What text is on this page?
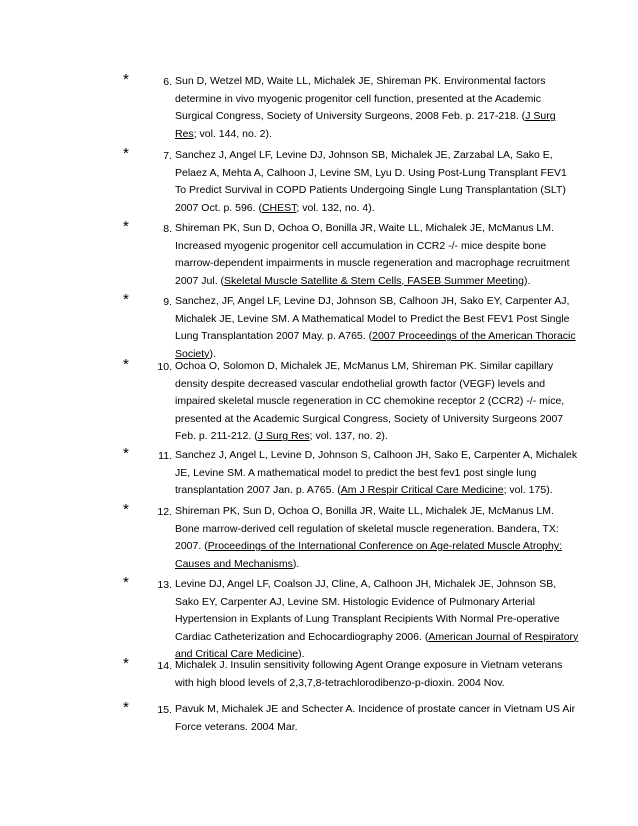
*	6. Sun D, Wetzel MD, Waite LL, Michalek JE, Shireman PK. Environmental factors
determine in vivo myogenic progenitor cell function, presented at the Academic
Surgical Congress, Society of University Surgeons, 2008 Feb. p. 217-218. (J Surg
Res; vol. 144, no. 2).
*	7. Sanchez J, Angel LF, Levine DJ, Johnson SB, Michalek JE, Zarzabal LA, Sako E,
Pelaez A, Mehta A, Calhoon J, Levine SM, Lyu D. Using Post-Lung Transplant FEV1
To Predict Survival in COPD Patients Undergoing Single Lung Transplantation (SLT)
2007 Oct. p. 596. (CHEST; vol. 132, no. 4).
*	8. Shireman PK, Sun D, Ochoa O, Bonilla JR, Waite LL, Michalek JE, McManus LM.
Increased myogenic progenitor cell accumulation in CCR2 -/- mice despite bone
marrow-dependent impairments in muscle regeneration and macrophage recruitment
2007 Jul. (Skeletal Muscle Satellite & Stem Cells, FASEB Summer Meeting).
*	9. Sanchez, JF, Angel LF, Levine DJ, Johnson SB, Calhoon JH, Sako EY, Carpenter AJ,
Michalek JE, Levine SM. A Mathematical Model to Predict the Best FEV1 Post Single
Lung Transplantation 2007 May. p. A765. (2007 Proceedings of the American Thoracic
Society).
*	10. Ochoa O, Solomon D, Michalek JE, McManus LM, Shireman PK. Similar capillary
density despite decreased vascular endothelial growth factor (VEGF) levels and
impaired skeletal muscle regeneration in CC chemokine receptor 2 (CCR2) -/- mice,
presented at the Academic Surgical Congress, Society of University Surgeons 2007
Feb. p. 211-212. (J Surg Res; vol. 137, no. 2).
*	11. Sanchez J, Angel L, Levine D, Johnson S, Calhoon JH, Sako E, Carpenter A, Michalek
JE, Levine SM. A mathematical model to predict the best fev1 post single lung
transplantation 2007 Jan. p. A765. (Am J Respir Critical Care Medicine; vol. 175).
*	12. Shireman PK, Sun D, Ochoa O, Bonilla JR, Waite LL, Michalek JE, McManus LM.
Bone marrow-derived cell regulation of skeletal muscle regeneration. Bandera, TX:
2007. (Proceedings of the International Conference on Age-related Muscle Atrophy:
Causes and Mechanisms).
*	13. Levine DJ, Angel LF, Coalson JJ, Cline, A, Calhoon JH, Michalek JE, Johnson SB,
Sako EY, Carpenter AJ, Levine SM. Histologic Evidence of Pulmonary Arterial
Hypertension in Explants of Lung Transplant Recipients With Normal Pre-operative
Cardiac Catheterization and Echocardiography 2006. (American Journal of Respiratory
and Critical Care Medicine).
*	14. Michalek J. Insulin sensitivity following Agent Orange exposure in Vietnam veterans
with high blood levels of 2,3,7,8-tetrachlorodibenzo-p-dioxin. 2004 Nov.
*	15. Pavuk M, Michalek JE and Schecter A. Incidence of prostate cancer in Vietnam US Air
Force veterans. 2004 Mar.
